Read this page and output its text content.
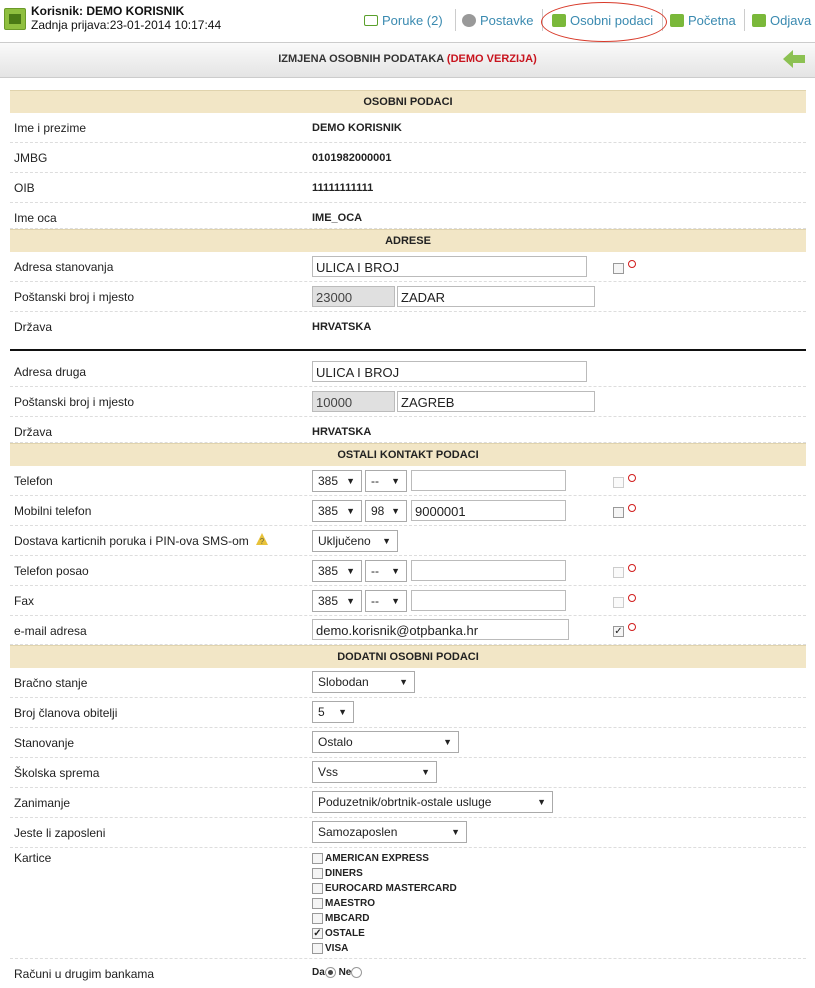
Korisnik: DEMO KORISNIK
Zadnja prijava:23-01-2014 10:17:44	Poruke (2)	Postavke	Osobni podaci	Početna	Odjava
IZMJENA OSOBNIH PODATAKA (DEMO VERZIJA)
OSOBNI PODACI
Ime i prezime	DEMO KORISNIK
JMBG	0101982000001
OIB	11111111111
Ime oca	IME_OCA
ADRESE
Adresa stanovanja	ULICA I BROJ
Poštanski broj i mjesto	23000	ZADAR
Država	HRVATSKA
Adresa druga	ULICA I BROJ
Poštanski broj i mjesto	10000	ZAGREB
Država	HRVATSKA
OSTALI KONTAKT PODACI
Telefon	385 ▼	-- ▼
Mobilni telefon	385 ▼	98 ▼	9000001
Dostava karticnih poruka i PIN-ova SMS-om ?	Uključeno ▼
Telefon posao	385 ▼	-- ▼
Fax	385 ▼	-- ▼
e-mail adresa	demo.korisnik@otpbanka.hr	✓
DODATNI OSOBNI PODACI
Bračno stanje	Slobodan	▼
Broj članova obitelji	5 ▼
Stanovanje	Ostalo	▼
Školska sprema	Vss	▼
Zanimanje	Poduzetnik/obrtnik-ostale usluge	▼
Jeste li zaposleni	Samozaposlen	▼
Kartice	AMERICAN EXPRESS
DINERS
EUROCARD MASTERCARD
MAESTRO
MBCARD
✓ OSTALE
VISA
Računi u drugim bankama	Da Ne
